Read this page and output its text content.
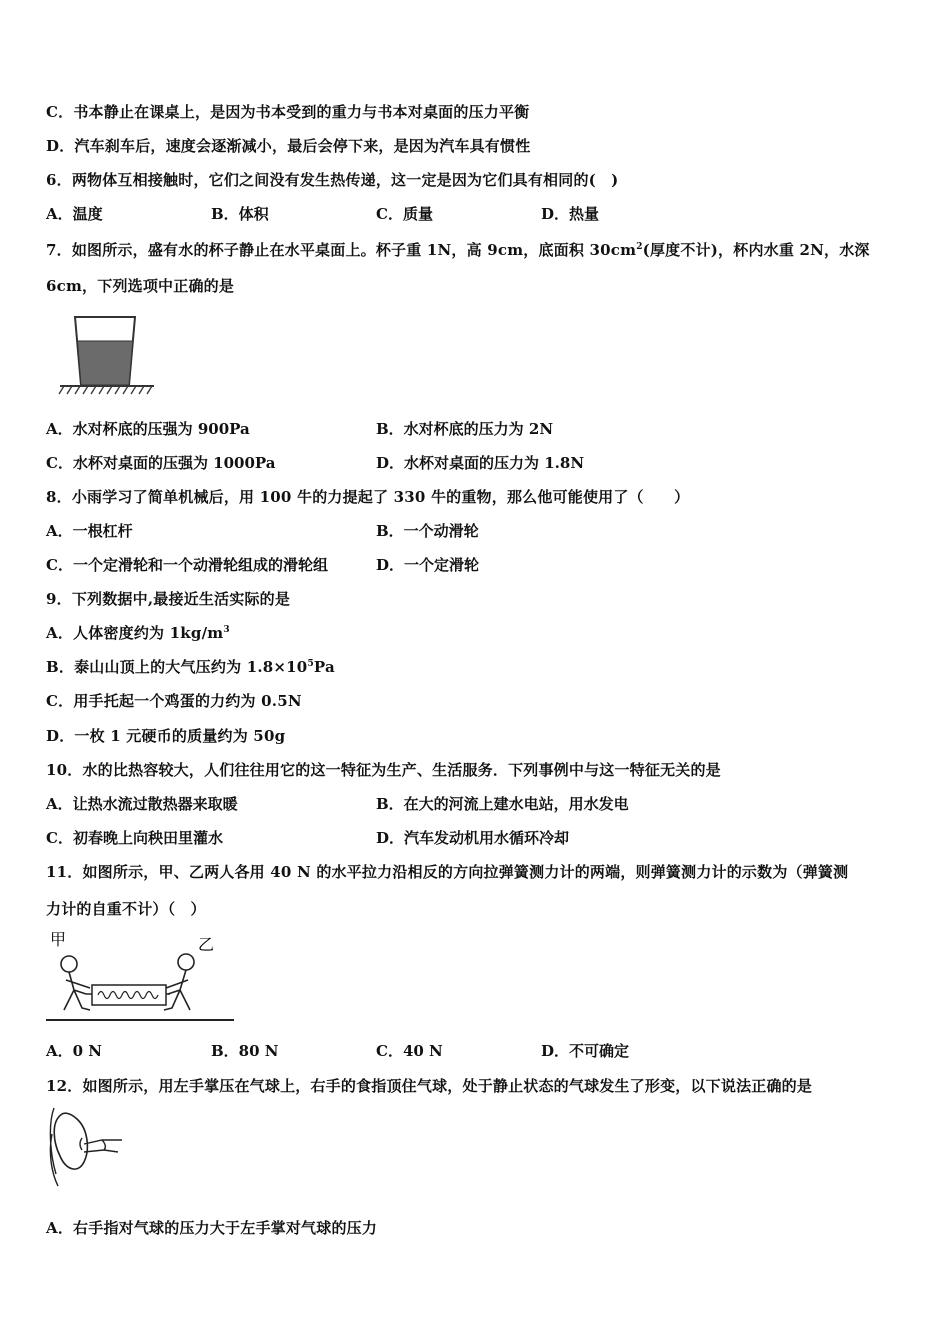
C．书本静止在课桌上，是因为书本受到的重力与书本对桌面的压力平衡
D．汽车刹车后，速度会逐渐减小，最后会停下来，是因为汽车具有惯性
6．两物体互相接触时，它们之间没有发生热传递，这一定是因为它们具有相同的(　)
A．温度	B．体积	C．质量	D．热量
7．如图所示，盛有水的杯子静止在水平桌面上。杯子重 1N，高 9cm，底面积 $30cm^2$(厚度不计)，杯内水重 2N，水深
6cm，下列选项中正确的是
A．水对杯底的压强为 900Pa	B．水对杯底的压力为 2N
C．水杯对桌面的压强为 1000Pa	D．水杯对桌面的压力为 1.8N
8．小雨学习了简单机械后，用 100 牛的力提起了 330 牛的重物，那么他可能使用了（　　）
A．一根杠杆	B．一个动滑轮
C．一个定滑轮和一个动滑轮组成的滑轮组	D．一个定滑轮
9．下列数据中,最接近生活实际的是
A．人体密度约为 $1kg/m^3$
B．泰山山顶上的大气压约为 $1.8\times 10^5Pa$
C．用手托起一个鸡蛋的力约为 0.5N
D．一枚 1 元硬币的质量约为 50g
10．水的比热容较大，人们往往用它的这一特征为生产、生活服务．下列事例中与这一特征无关的是
A．让热水流过散热器来取暖	B．在大的河流上建水电站，用水发电
C．初春晚上向秧田里灌水	D．汽车发动机用水循环冷却
11．如图所示，甲、乙两人各用 40 N 的水平拉力沿相反的方向拉弹簧测力计的两端，则弹簧测力计的示数为（弹簧测
力计的自重不计）（　）
甲	乙
A．0 N	B．80 N	C．40 N	D．不可确定
12．如图所示，用左手掌压在气球上，右手的食指顶住气球，处于静止状态的气球发生了形变，以下说法正确的是
A．右手指对气球的压力大于左手掌对气球的压力
